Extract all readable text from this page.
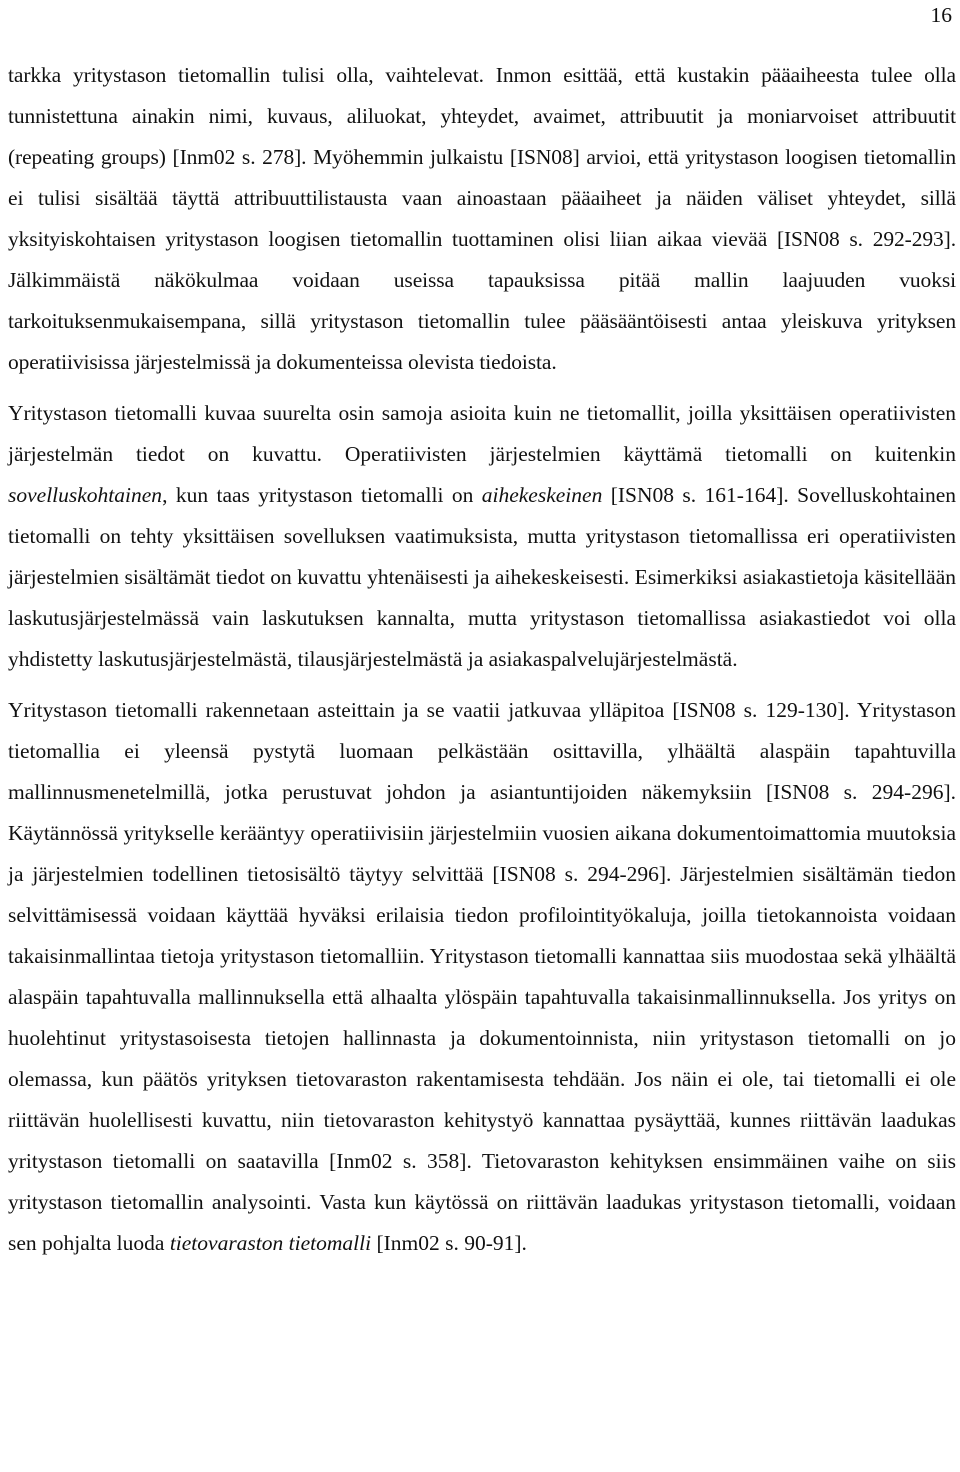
16

tarkka yritystason tietomallin tulisi olla, vaihtelevat. Inmon esittää, että kustakin pääaiheesta tulee olla tunnistettuna ainakin nimi, kuvaus, aliluokat, yhteydet, avaimet, attribuutit ja moniarvoiset attribuutit (repeating groups) [Inm02 s. 278]. Myöhemmin julkaistu [ISN08] arvioi, että yritystason loogisen tietomallin ei tulisi sisältää täyttä attribuuttilistausta vaan ainoastaan pääaiheet ja näiden väliset yhteydet, sillä yksityiskohtaisen yritystason loogisen tietomallin tuottaminen olisi liian aikaa vievää [ISN08 s. 292-293]. Jälkimmäistä näkökulmaa voidaan useissa tapauksissa pitää mallin laajuuden vuoksi tarkoituksenmukaisempana, sillä yritystason tietomallin tulee pääsääntöisesti antaa yleiskuva yrityksen operatiivisissa järjestelmissä ja dokumenteissa olevista tiedoista.

Yritystason tietomalli kuvaa suurelta osin samoja asioita kuin ne tietomallit, joilla yksittäisen operatiivisten järjestelmän tiedot on kuvattu. Operatiivisten järjestelmien käyttämä tietomalli on kuitenkin sovelluskohtainen, kun taas yritystason tietomalli on aihekeskeinen [ISN08 s. 161-164]. Sovelluskohtainen tietomalli on tehty yksittäisen sovelluksen vaatimuksista, mutta yritystason tietomallissa eri operatiivisten järjestelmien sisältämät tiedot on kuvattu yhtenäisesti ja aihekeskeisesti. Esimerkiksi asiakastietoja käsitellään laskutusjärjestelmässä vain laskutuksen kannalta, mutta yritystason tietomallissa asiakastiedot voi olla yhdistetty laskutusjärjestelmästä, tilausjärjestelmästä ja asiakaspalvelujärjestelmästä.

Yritystason tietomalli rakennetaan asteittain ja se vaatii jatkuvaa ylläpitoa [ISN08 s. 129-130]. Yritystason tietomallia ei yleensä pystytä luomaan pelkästään osittavilla, ylhäältä alaspäin tapahtuvilla mallinnusmenetelmillä, jotka perustuvat johdon ja asiantuntijoiden näkemyksiin [ISN08 s. 294-296]. Käytännössä yritykselle kerääntyy operatiivisiin järjestelmiin vuosien aikana dokumentoimattomia muutoksia ja järjestelmien todellinen tietosisältö täytyy selvittää [ISN08 s. 294-296]. Järjestelmien sisältämän tiedon selvittämisessä voidaan käyttää hyväksi erilaisia tiedon profilointityökaluja, joilla tietokannoista voidaan takaisinmallintaa tietoja yritystason tietomalliin. Yritystason tietomalli kannattaa siis muodostaa sekä ylhäältä alaspäin tapahtuvalla mallinnuksella että alhaalta ylöspäin tapahtuvalla takaisinmallinnuksella. Jos yritys on huolehtinut yritystasoisesta tietojen hallinnasta ja dokumentoinnista, niin yritystason tietomalli on jo olemassa, kun päätös yrityksen tietovaraston rakentamisesta tehdään. Jos näin ei ole, tai tietomalli ei ole riittävän huolellisesti kuvattu, niin tietovaraston kehitystyö kannattaa pysäyttää, kunnes riittävän laadukas yritystason tietomalli on saatavilla [Inm02 s. 358]. Tietovaraston kehityksen ensimmäinen vaihe on siis yritystason tietomallin analysointi. Vasta kun käytössä on riittävän laadukas yritystason tietomalli, voidaan sen pohjalta luoda tietovaraston tietomalli [Inm02 s. 90-91].
